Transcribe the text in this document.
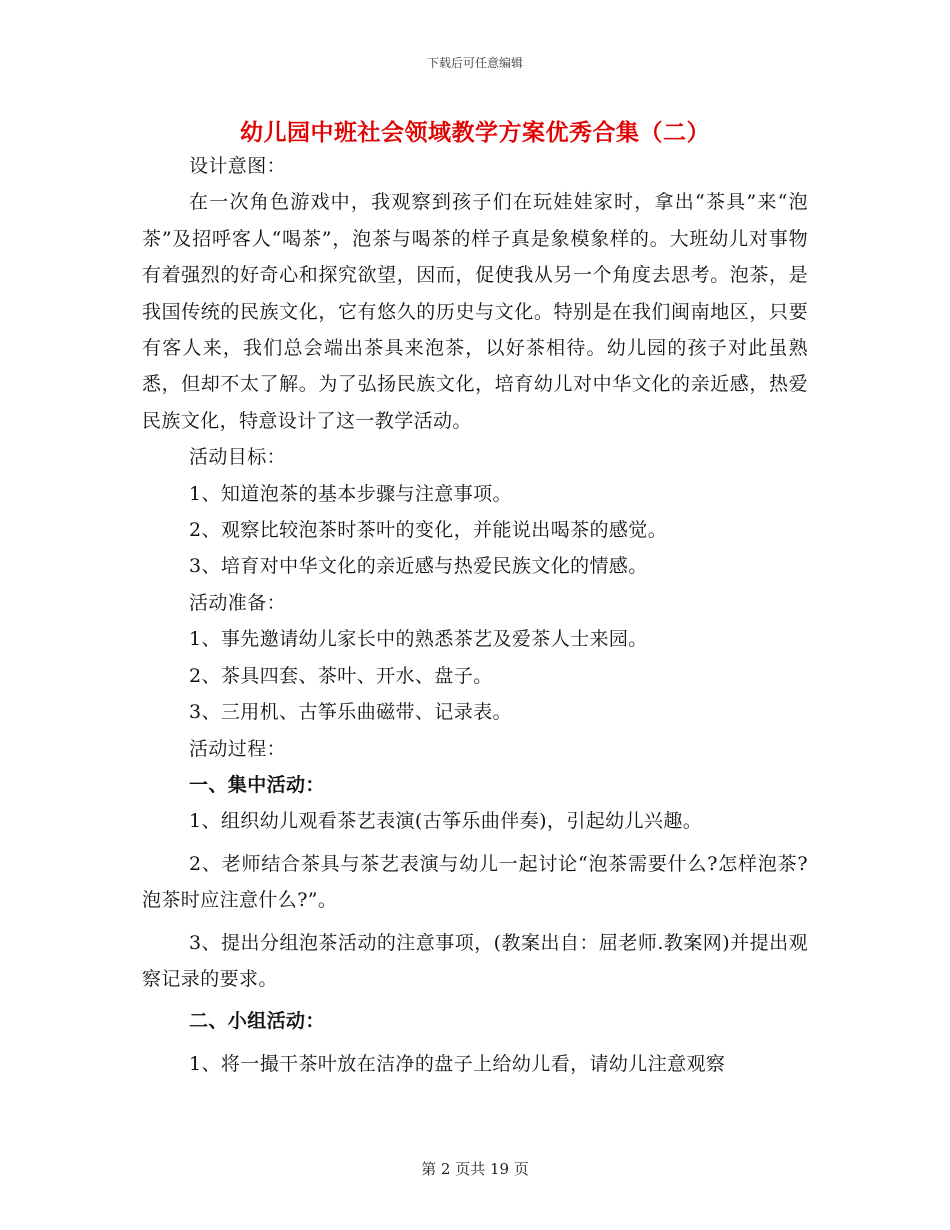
下载后可任意编辑
幼儿园中班社会领域教学方案优秀合集（二）

设计意图：

在一次角色游戏中，我观察到孩子们在玩娃娃家时，拿出“茶具”来“泡茶”及招呼客人“喝茶”，泡茶与喝茶的样子真是象模象样的。大班幼儿对事物有着强烈的好奇心和探究欲望，因而，促使我从另一个角度去思考。泡茶，是我国传统的民族文化，它有悠久的历史与文化。特别是在我们闽南地区，只要有客人来，我们总会端出茶具来泡茶，以好茶相待。幼儿园的孩子对此虽熟悉，但却不太了解。为了弘扬民族文化，培育幼儿对中华文化的亲近感，热爱民族文化，特意设计了这一教学活动。

活动目标：

1、知道泡茶的基本步骤与注意事项。

2、观察比较泡茶时茶叶的变化，并能说出喝茶的感觉。

3、培育对中华文化的亲近感与热爱民族文化的情感。

活动准备：

1、事先邀请幼儿家长中的熟悉茶艺及爱茶人士来园。

2、茶具四套、茶叶、开水、盘子。

3、三用机、古筝乐曲磁带、记录表。

活动过程：

一、集中活动：

1、组织幼儿观看茶艺表演(古筝乐曲伴奏)，引起幼儿兴趣。

2、老师结合茶具与茶艺表演与幼儿一起讨论“泡茶需要什么?怎样泡茶?泡茶时应注意什么?”。

3、提出分组泡茶活动的注意事项，(教案出自：屈老师.教案网)并提出观察记录的要求。

二、小组活动：

1、将一撮干茶叶放在洁净的盘子上给幼儿看，请幼儿注意观察

第 2 页共 19 页
